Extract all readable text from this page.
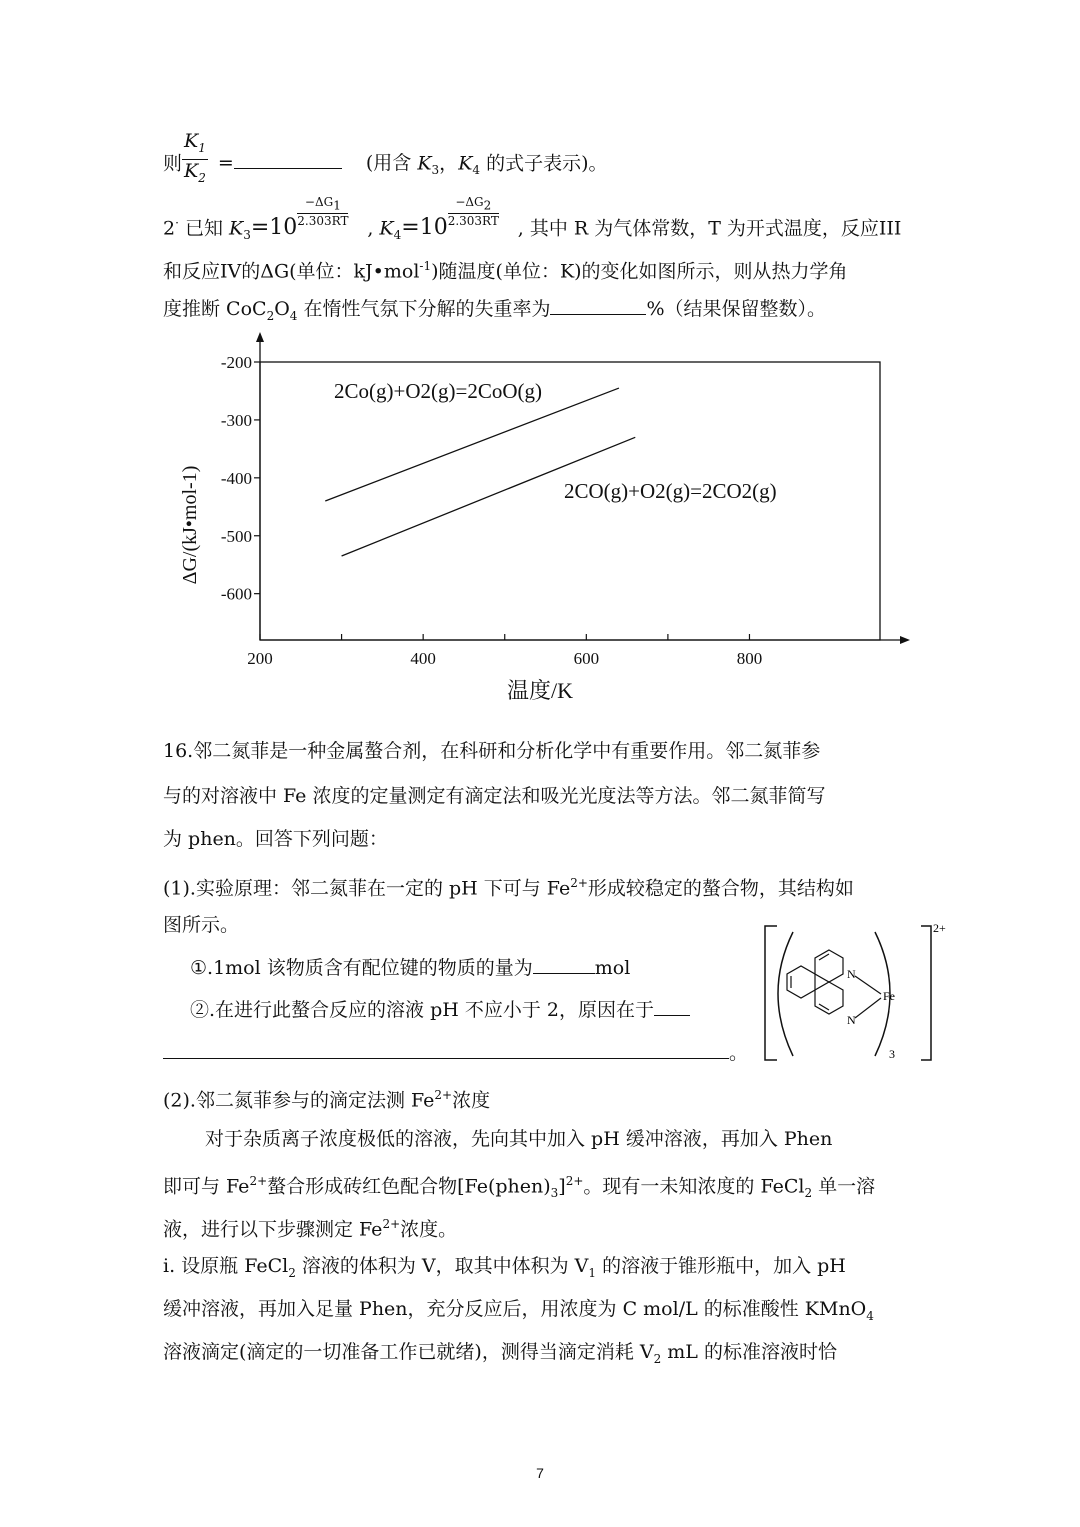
则 $\frac{K_1}{K_2}$ =	(用含 $K_3$，$K_4$ 的式子表示)。
2· 已知 $K_3=10$
$-\Delta G_1$
2.303RT , $K_4=10$
$-\Delta G_2$
2.303RT , 其中 R 为气体常数，T 为开式温度，反应III
和反应IV的ΔG(单位：kJ•mol$^{-1}$)随温度(单位：K)的变化如图所示，则从热力学角
度推断 $CoC_2O_4$ 在惰性气氛下分解的失重率为	%（结果保留整数）。
-200
-300
-400
-500
-600
200	400	600	800
2Co(g)+O2(g)=2CoO(g)
2CO(g)+O2(g)=2CO2(g)
温度/K
ΔG/(kJ•mol-1)
16.邻二氮菲是一种金属螯合剂，在科研和分析化学中有重要作用。邻二氮菲参
与的对溶液中 Fe 浓度的定量测定有滴定法和吸光光度法等方法。邻二氮菲简写
为 phen。回答下列问题：
(1).实验原理：邻二氮菲在一定的 pH 下可与 $Fe^{2+}$形成较稳定的螯合物，其结构如
图所示。
①.1mol 该物质含有配位键的物质的量为	mol
②.在进行此螯合反应的溶液 pH 不应小于 2，原因在于
。
N
N
Fe
2+
3
(2).邻二氮菲参与的滴定法测 $Fe^{2+}$浓度
对于杂质离子浓度极低的溶液，先向其中加入 pH 缓冲溶液，再加入 Phen
即可与 $Fe^{2+}$螯合形成砖红色配合物$[Fe(phen)_3]^{2+}$。现有一未知浓度的 FeCl$_2$ 单一溶
液，进行以下步骤测定 $Fe^{2+}$浓度。
i. 设原瓶 FeCl$_2$ 溶液的体积为 V，取其中体积为 $V_1$ 的溶液于锥形瓶中，加入 pH
缓冲溶液，再加入足量 Phen，充分反应后，用浓度为 C mol/L 的标准酸性 KMnO$_4$
溶液滴定(滴定的一切准备工作已就绪)，测得当滴定消耗 $V_2$ mL 的标准溶液时恰
7
